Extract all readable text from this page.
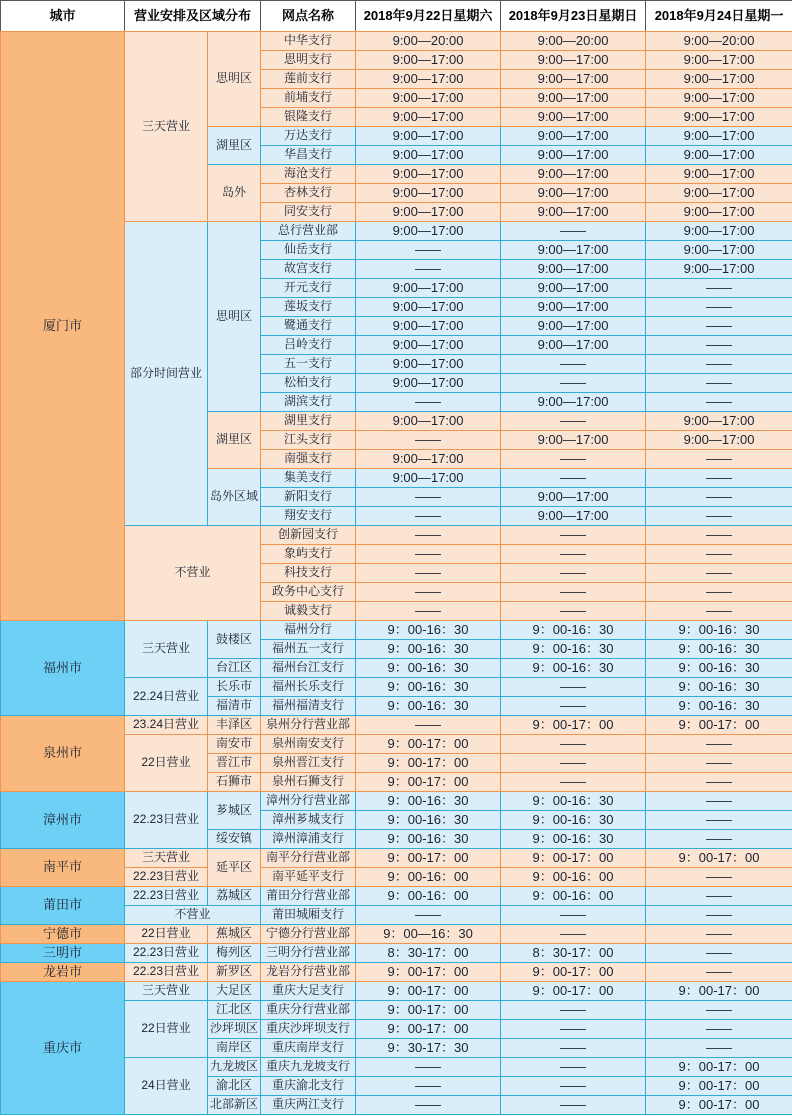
城市	营业安排及区域分布		网点名称	2018年9月22日星期六	2018年9月23日星期日	2018年9月24日星期一
厦门市	三天营业	思明区	中华支行	9:00—20:00	9:00—20:00	9:00—20:00
			思明支行	9:00—17:00	9:00—17:00	9:00—17:00
			莲前支行	9:00—17:00	9:00—17:00	9:00—17:00
			前埔支行	9:00—17:00	9:00—17:00	9:00—17:00
			银隆支行	9:00—17:00	9:00—17:00	9:00—17:00
		湖里区	万达支行	9:00—17:00	9:00—17:00	9:00—17:00
			华昌支行	9:00—17:00	9:00—17:00	9:00—17:00
		岛外	海沧支行	9:00—17:00	9:00—17:00	9:00—17:00
			杏林支行	9:00—17:00	9:00—17:00	9:00—17:00
			同安支行	9:00—17:00	9:00—17:00	9:00—17:00
	部分时间营业	思明区	总行营业部	9:00—17:00	——	9:00—17:00
			仙岳支行	——	9:00—17:00	9:00—17:00
			故宫支行	——	9:00—17:00	9:00—17:00
			开元支行	9:00—17:00	9:00—17:00	——
			莲坂支行	9:00—17:00	9:00—17:00	——
			鹭通支行	9:00—17:00	9:00—17:00	——
			吕岭支行	9:00—17:00	9:00—17:00	——
			五一支行	9:00—17:00	——	——
			松柏支行	9:00—17:00	——	——
			湖滨支行	——	9:00—17:00	——
		湖里区	湖里支行	9:00—17:00	——	9:00—17:00
			江头支行	——	9:00—17:00	9:00—17:00
			南强支行	9:00—17:00	——	——
		岛外区域	集美支行	9:00—17:00	——	——
			新阳支行	——	9:00—17:00	——
			翔安支行	——	9:00—17:00	——
	不营业		创新园支行	——	——	——
			象屿支行	——	——	——
			科技支行	——	——	——
			政务中心支行	——	——	——
			诚毅支行	——	——	——
福州市	三天营业	鼓楼区	福州分行	9：00-16：30	9：00-16：30	9：00-16：30
			福州五一支行	9：00-16：30	9：00-16：30	9：00-16：30
		台江区	福州台江支行	9：00-16：30	9：00-16：30	9：00-16：30
	22.24日营业	长乐市	福州长乐支行	9：00-16：30	——	9：00-16：30
		福清市	福州福清支行	9：00-16：30	——	9：00-16：30
泉州市	23.24日营业	丰泽区	泉州分行营业部	——	9：00-17：00	9：00-17：00
	22日营业	南安市	泉州南安支行	9：00-17：00	——	——
		晋江市	泉州晋江支行	9：00-17：00	——	——
		石狮市	泉州石狮支行	9：00-17：00	——	——
漳州市	22.23日营业	芗城区	漳州分行营业部	9：00-16：30	9：00-16：30	——
			漳州芗城支行	9：00-16：30	9：00-16：30	——
		绥安镇	漳州漳浦支行	9：00-16：30	9：00-16：30	——
南平市	三天营业	延平区	南平分行营业部	9：00-17：00	9：00-17：00	9：00-17：00
	22.23日营业		南平延平支行	9：00-16：00	9：00-16：00	——
莆田市	22.23日营业	荔城区	莆田分行营业部	9：00-16：00	9：00-16：00	——
	不营业		莆田城厢支行	——	——	——
宁德市	22日营业	蕉城区	宁德分行营业部	9：00—16：30	——	——
三明市	22.23日营业	梅列区	三明分行营业部	8：30-17：00	8：30-17：00	——
龙岩市	22.23日营业	新罗区	龙岩分行营业部	9：00-17：00	9：00-17：00	——
重庆市	三天营业	大足区	重庆大足支行	9：00-17：00	9：00-17：00	9：00-17：00
	22日营业	江北区	重庆分行营业部	9：00-17：00	——	——
		沙坪坝区	重庆沙坪坝支行	9：00-17：00	——	——
		南岸区	重庆南岸支行	9：30-17：30	——	——
	24日营业	九龙坡区	重庆九龙坡支行	——	——	9：00-17：00
		渝北区	重庆渝北支行	——	——	9：00-17：00
		北部新区	重庆两江支行	——	——	9：00-17：00
